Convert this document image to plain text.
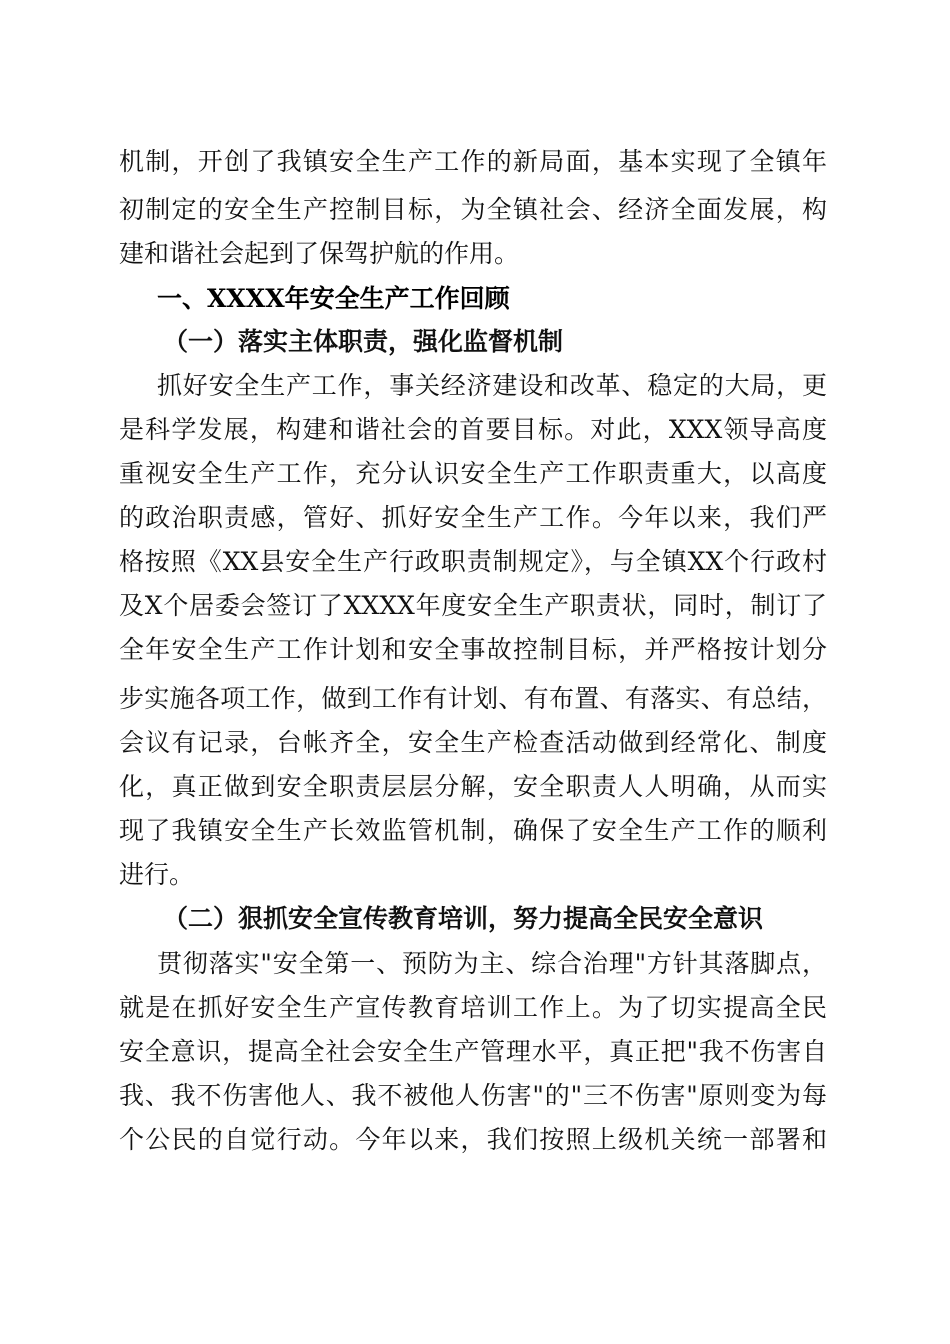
机制，开创了我镇安全生产工作的新局面，基本实现了全镇年
初制定的安全生产控制目标，为全镇社会、经济全面发展，构
建和谐社会起到了保驾护航的作用。
一、XXXX年安全生产工作回顾
（一）落实主体职责，强化监督机制
抓好安全生产工作，事关经济建设和改革、稳定的大局，更
是科学发展，构建和谐社会的首要目标。对此，XXX领导高度
重视安全生产工作，充分认识安全生产工作职责重大，以高度
的政治职责感，管好、抓好安全生产工作。今年以来，我们严
格按照《XX县安全生产行政职责制规定》，与全镇XX个行政村
及X个居委会签订了XXXX年度安全生产职责状，同时，制订了
全年安全生产工作计划和安全事故控制目标，并严格按计划分
步实施各项工作，做到工作有计划、有布置、有落实、有总结，
会议有记录，台帐齐全，安全生产检查活动做到经常化、制度
化，真正做到安全职责层层分解，安全职责人人明确，从而实
现了我镇安全生产长效监管机制，确保了安全生产工作的顺利
进行。
（二）狠抓安全宣传教育培训，努力提高全民安全意识
贯彻落实"安全第一、预防为主、综合治理"方针其落脚点，
就是在抓好安全生产宣传教育培训工作上。为了切实提高全民
安全意识，提高全社会安全生产管理水平，真正把"我不伤害自
我、我不伤害他人、我不被他人伤害"的"三不伤害"原则变为每
个公民的自觉行动。今年以来，我们按照上级机关统一部署和
